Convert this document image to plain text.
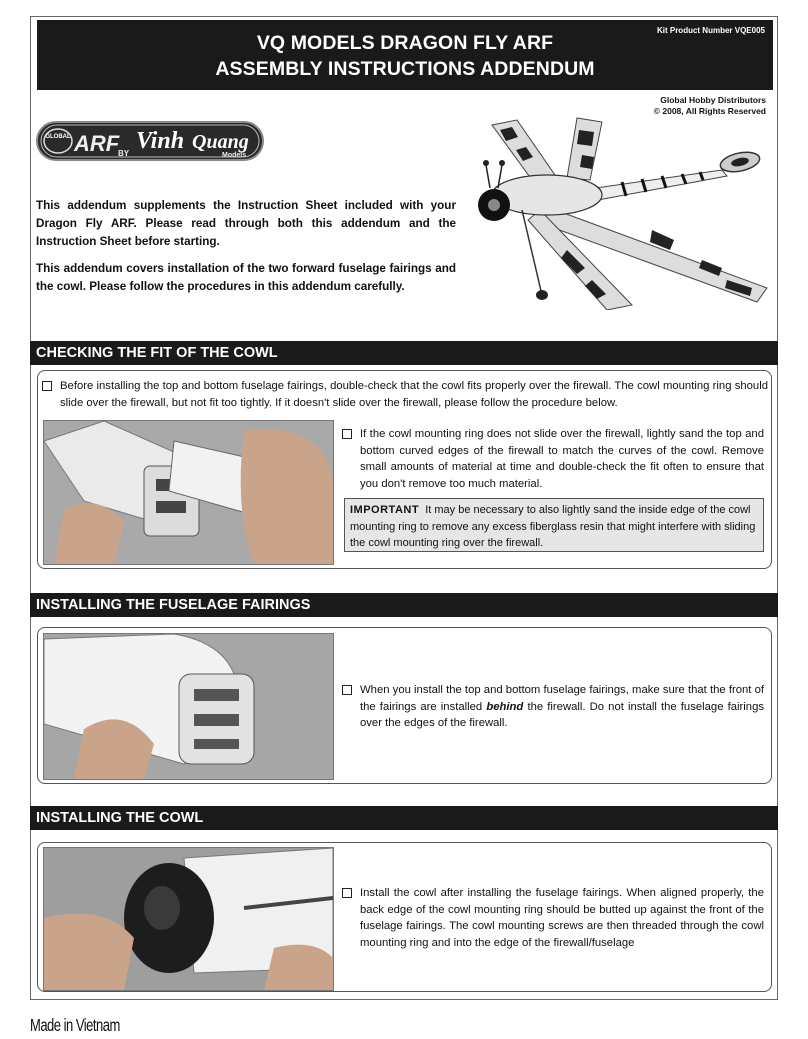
Kit Product Number VQE005
VQ MODELS DRAGON FLY ARF
ASSEMBLY INSTRUCTIONS ADDENDUM
Global Hobby Distributors
© 2008, All Rights Reserved
GLOBAL ARF
BY Vinh Quang
Models
This addendum supplements the Instruction Sheet included with your Dragon Fly ARF. Please read through both this addendum and the Instruction Sheet before starting.
This addendum covers installation of the two forward fuselage fairings and the cowl. Please follow the procedures in this addendum carefully.
CHECKING THE FIT OF THE COWL
Before installing the top and bottom fuselage fairings, double-check that the cowl fits properly over the firewall. The cowl mounting ring should slide over the firewall, but not fit too tightly. If it doesn't slide over the firewall, please follow the procedure below.
If the cowl mounting ring does not slide over the firewall, lightly sand the top and bottom curved edges of the firewall to match the curves of the cowl. Remove small amounts of material at time and double-check the fit often to ensure that you don't remove too much material.
IMPORTANT It may be necessary to also lightly sand the inside edge of the cowl mounting ring to remove any excess fiberglass resin that might interfere with sliding the cowl mounting ring over the firewall.
INSTALLING THE FUSELAGE FAIRINGS
When you install the top and bottom fuselage fairings, make sure that the front of the fairings are installed behind the firewall. Do not install the fuselage fairings over the edges of the firewall.
INSTALLING THE COWL
Install the cowl after installing the fuselage fairings. When aligned properly, the back edge of the cowl mounting ring should be butted up against the front of the fuselage fairings. The cowl mounting screws are then threaded through the cowl mounting ring and into the edge of the firewall/fuselage
Made in Vietnam
